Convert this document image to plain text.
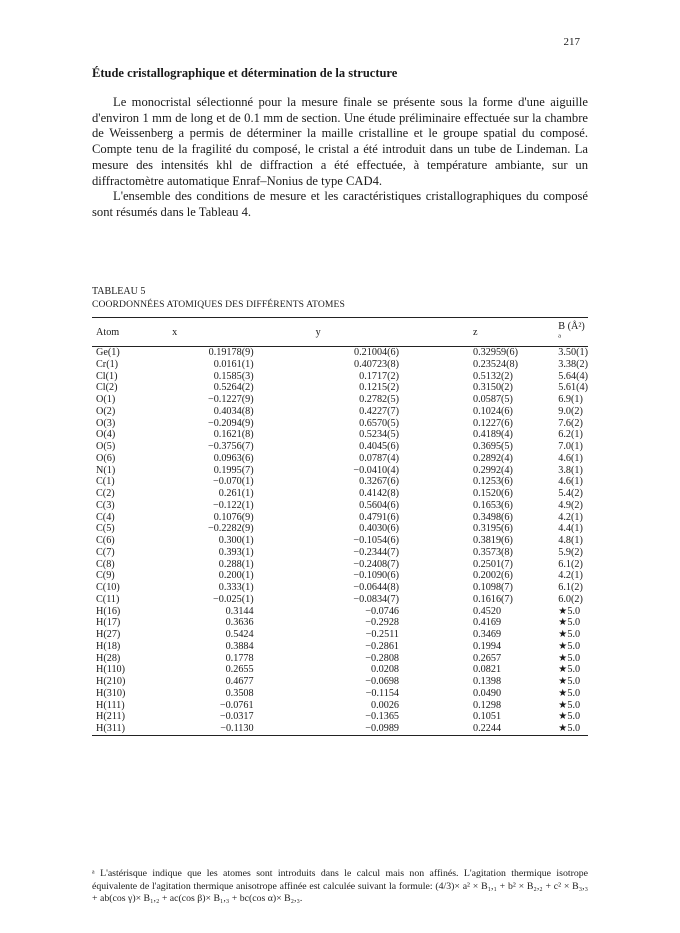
217
Étude cristallographique et détermination de la structure

Le monocristal sélectionné pour la mesure finale se présente sous la forme d'une aiguille d'environ 1 mm de long et de 0.1 mm de section. Une étude préliminaire effectuée sur la chambre de Weissenberg a permis de déterminer la maille cristalline et le groupe spatial du composé. Compte tenu de la fragilité du composé, le cristal a été introduit dans un tube de Lindeman. La mesure des intensités khl de diffraction a été effectuée, à température ambiante, sur un diffractomètre automatique Enraf–Nonius de type CAD4.

L'ensemble des conditions de mesure et les caractéristiques cristallographiques du composé sont résumés dans le Tableau 4.

TABLEAU 5
COORDONNÉES ATOMIQUES DES DIFFÉRENTS ATOMES
Atom	x	y	z	B (Å²) ᵃ
Ge(1)	0.19178(9)	0.21004(6)	0.32959(6)	3.50(1)
Cr(1)	0.0161(1)	0.40723(8)	0.23524(8)	3.38(2)
Cl(1)	0.1585(3)	0.1717(2)	0.5132(2)	5.64(4)
Cl(2)	0.5264(2)	0.1215(2)	0.3150(2)	5.61(4)
O(1)	−0.1227(9)	0.2782(5)	0.0587(5)	6.9(1)
O(2)	0.4034(8)	0.4227(7)	0.1024(6)	9.0(2)
O(3)	−0.2094(9)	0.6570(5)	0.1227(6)	7.6(2)
O(4)	0.1621(8)	0.5234(5)	0.4189(4)	6.2(1)
O(5)	−0.3756(7)	0.4045(6)	0.3695(5)	7.0(1)
O(6)	0.0963(6)	0.0787(4)	0.2892(4)	4.6(1)
N(1)	0.1995(7)	−0.0410(4)	0.2992(4)	3.8(1)
C(1)	−0.070(1)	0.3267(6)	0.1253(6)	4.6(1)
C(2)	0.261(1)	0.4142(8)	0.1520(6)	5.4(2)
C(3)	−0.122(1)	0.5604(6)	0.1653(6)	4.9(2)
C(4)	0.1076(9)	0.4791(6)	0.3498(6)	4.2(1)
C(5)	−0.2282(9)	0.4030(6)	0.3195(6)	4.4(1)
C(6)	0.300(1)	−0.1054(6)	0.3819(6)	4.8(1)
C(7)	0.393(1)	−0.2344(7)	0.3573(8)	5.9(2)
C(8)	0.288(1)	−0.2408(7)	0.2501(7)	6.1(2)
C(9)	0.200(1)	−0.1090(6)	0.2002(6)	4.2(1)
C(10)	0.333(1)	−0.0644(8)	0.1098(7)	6.1(2)
C(11)	−0.025(1)	−0.0834(7)	0.1616(7)	6.0(2)
H(16)	0.3144	−0.0746	0.4520	★5.0
H(17)	0.3636	−0.2928	0.4169	★5.0
H(27)	0.5424	−0.2511	0.3469	★5.0
H(18)	0.3884	−0.2861	0.1994	★5.0
H(28)	0.1778	−0.2808	0.2657	★5.0
H(110)	0.2655	0.0208	0.0821	★5.0
H(210)	0.4677	−0.0698	0.1398	★5.0
H(310)	0.3508	−0.1154	0.0490	★5.0
H(111)	−0.0761	0.0026	0.1298	★5.0
H(211)	−0.0317	−0.1365	0.1051	★5.0
H(311)	−0.1130	−0.0989	0.2244	★5.0

ᵃ L'astérisque indique que les atomes sont introduits dans le calcul mais non affinés. L'agitation thermique isotrope équivalente de l'agitation thermique anisotrope affinée est calculée suivant la formule: (4/3)× a² × B₁,₁ + b² × B₂,₂ + c² × B₃,₃ + ab(cos γ)× B₁,₂ + ac(cos β)× B₁,₃ + bc(cos α)× B₂,₃.
